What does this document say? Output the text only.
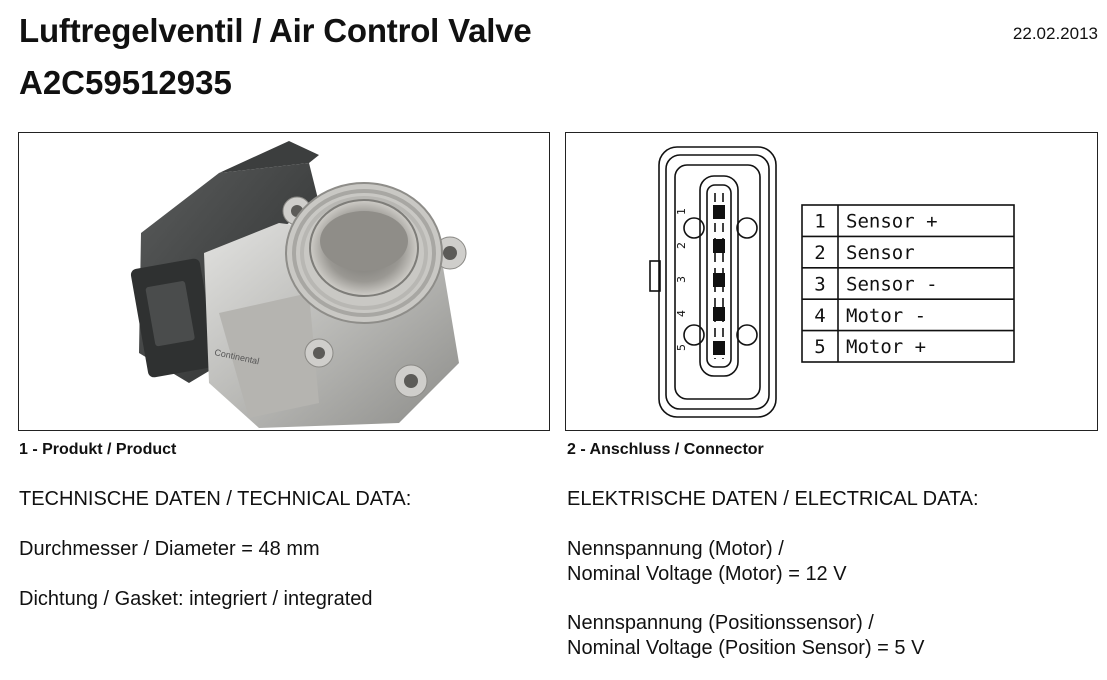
Luftregelventil / Air Control Valve
A2C59512935
22.02.2013
Continental
1
2
3
4
5
1 Sensor +
2 Sensor
3 Sensor -
4 Motor -
5 Motor +
1 - Produkt / Product	2 - Anschluss / Connector
TECHNISCHE DATEN / TECHNICAL DATA:
Durchmesser / Diameter = 48 mm
Dichtung / Gasket: integriert / integrated
ELEKTRISCHE DATEN / ELECTRICAL DATA:
Nennspannung (Motor) /
Nominal Voltage (Motor) = 12 V
Nennspannung (Positionssensor) /
Nominal Voltage (Position Sensor) = 5 V
